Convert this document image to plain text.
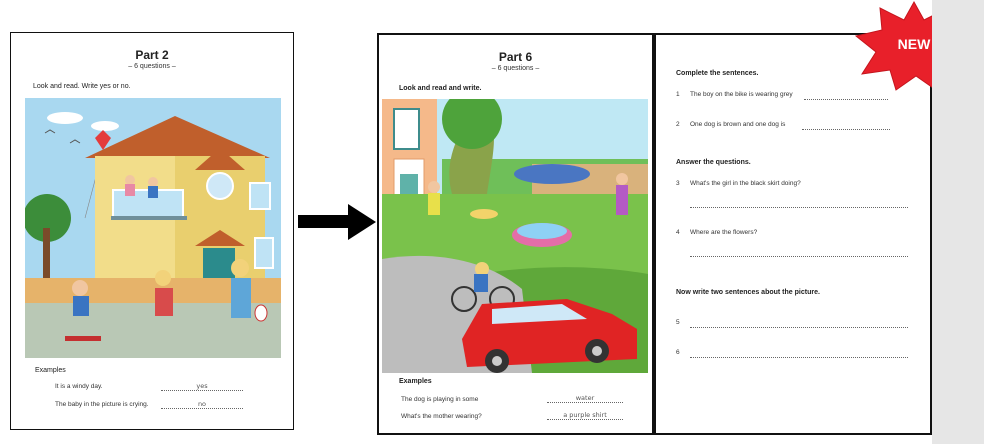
Part 2
– 6 questions –
Look and read. Write yes or no.
Examples
It is a windy day.	yes
The baby in the picture is crying.	no
Part 6
– 6 questions –
Look and read and write.
Examples
The dog is playing in some	water
What's the mother wearing?	a purple shirt
Complete the sentences.
1 The boy on the bike is wearing grey
2 One dog is brown and one dog is
Answer the questions.
3 What's the girl in the black skirt doing?
4 Where are the flowers?
Now write two sentences about the picture.
5
6
NEW
